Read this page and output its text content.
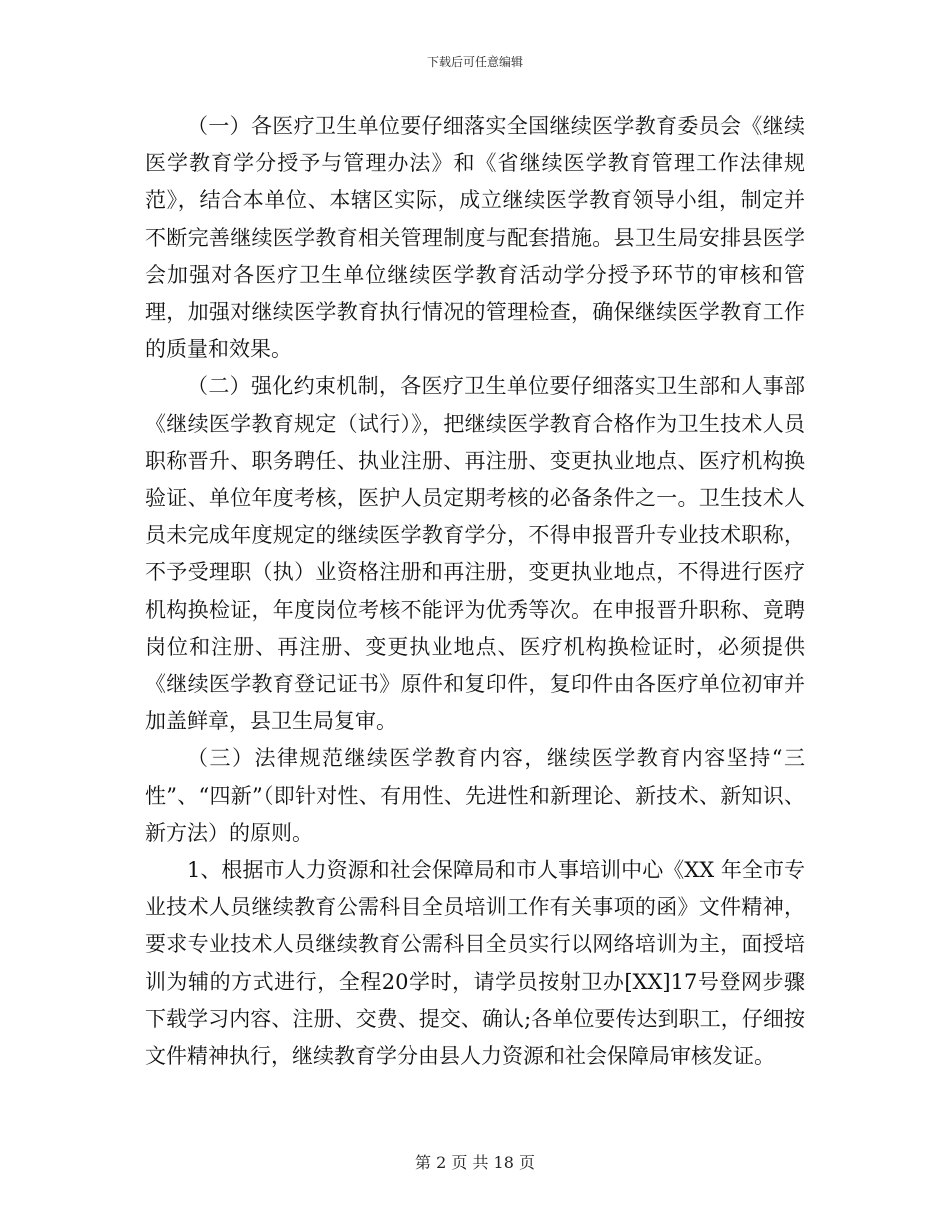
下载后可任意编辑

（一）各医疗卫生单位要仔细落实全国继续医学教育委员会《继续医学教育学分授予与管理办法》和《省继续医学教育管理工作法律规范》，结合本单位、本辖区实际，成立继续医学教育领导小组，制定并不断完善继续医学教育相关管理制度与配套措施。县卫生局安排县医学会加强对各医疗卫生单位继续医学教育活动学分授予环节的审核和管理，加强对继续医学教育执行情况的管理检查，确保继续医学教育工作的质量和效果。

（二）强化约束机制，各医疗卫生单位要仔细落实卫生部和人事部《继续医学教育规定（试行）》，把继续医学教育合格作为卫生技术人员职称晋升、职务聘任、执业注册、再注册、变更执业地点、医疗机构换验证、单位年度考核，医护人员定期考核的必备条件之一。卫生技术人员未完成年度规定的继续医学教育学分，不得申报晋升专业技术职称，不予受理职（执）业资格注册和再注册，变更执业地点，不得进行医疗机构换检证，年度岗位考核不能评为优秀等次。在申报晋升职称、竟聘岗位和注册、再注册、变更执业地点、医疗机构换检证时，必须提供《继续医学教育登记证书》原件和复印件，复印件由各医疗单位初审并加盖鲜章，县卫生局复审。

（三）法律规范继续医学教育内容，继续医学教育内容坚持“三性”、“四新”（即针对性、有用性、先进性和新理论、新技术、新知识、新方法）的原则。

1、根据市人力资源和社会保障局和市人事培训中心《XX 年全市专业技术人员继续教育公需科目全员培训工作有关事项的函》文件精神，要求专业技术人员继续教育公需科目全员实行以网络培训为主，面授培训为辅的方式进行，全程20学时，请学员按射卫办[XX]17号登网步骤下载学习内容、注册、交费、提交、确认;各单位要传达到职工，仔细按文件精神执行，继续教育学分由县人力资源和社会保障局审核发证。

第 2 页 共 18 页
